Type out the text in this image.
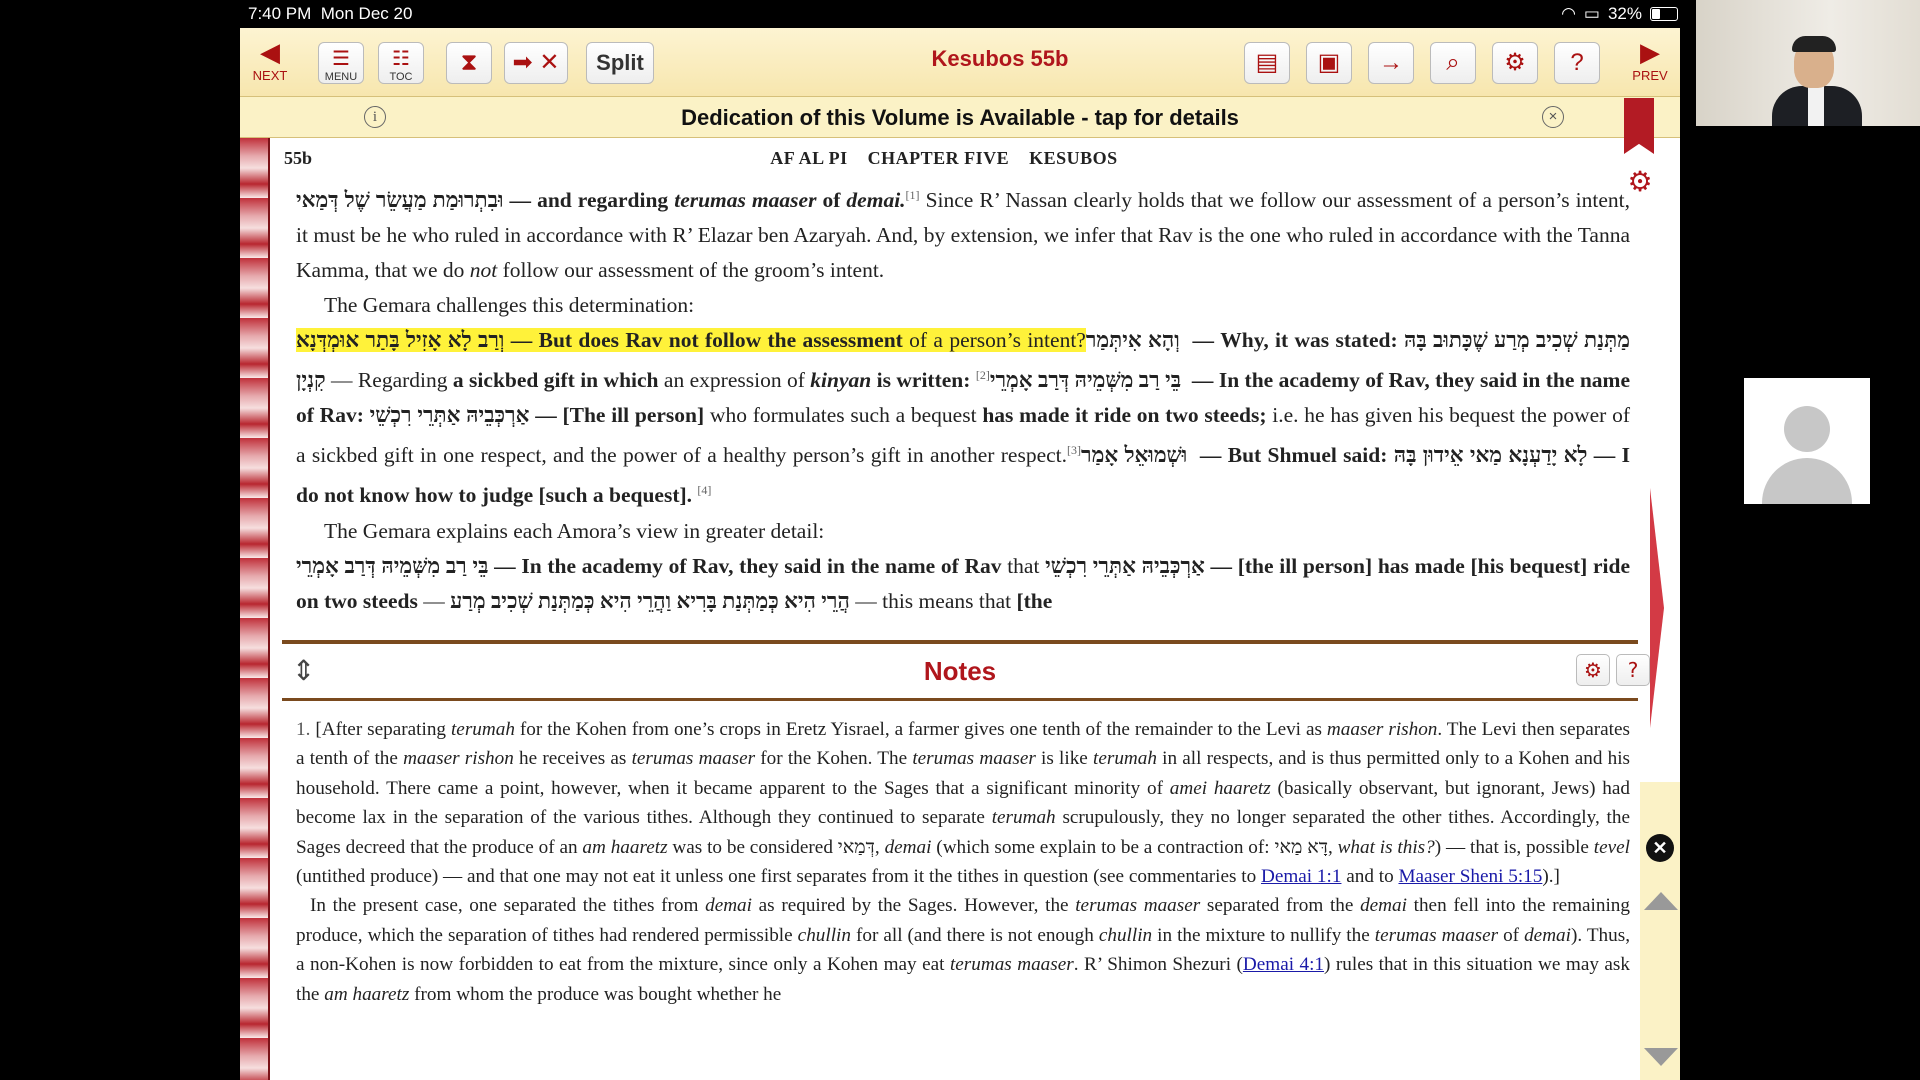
7:40 PM Mon Dec 20	◠ ▭ 32%
◀
NEXT
☰
MENU
☷
TOC
⧗	➡ ✕	Split	Kesubos 55b	▤	▣	→	⌕	⚙	?	▶
PREV
i	Dedication of this Volume is Available - tap for details	×
⚙
55b	AF AL PI CHAPTER FIVE KESUBOS

וּבִתְרוּמַת מַעֲשֵׂר שֶׁל דְּמַאי — and regarding terumas maaser of demai.[1] Since R’ Nassan clearly holds that we follow our assessment of a person’s intent, it must be he who ruled in accordance with R’ Elazar ben Azaryah. And, by extension, we infer that Rav is the one who ruled in accordance with the Tanna Kamma, that we do not follow our assessment of the groom’s intent.

The Gemara challenges this determination:

וְרַב לָא אָזִיל בָּתַר אוּמְדְּנָא — But does Rav not follow the assessment of a person’s intent? וְהָא אִיתְּמַר — Why, it was stated: מַתְּנַת שְׁכִיב מְרַע שֶׁכָּתוּב בָּהּ קִנְיָן — Regarding a sickbed gift in which an expression of kinyan is written: [2] בֵּי רַב מִשְּׁמֵיהּ דְּרַב אָמְרֵי — In the academy of Rav, they said in the name of Rav: אַרְכְּבֵיהּ אַתְּרֵי רִכְשֵׁי — [The ill person] who formulates such a bequest has made it ride on two steeds; i.e. he has given his bequest the power of a sickbed gift in one respect, and the power of a healthy person’s gift in another respect.[3] וּשְׁמוּאֵל אָמַר — But Shmuel said: לָא יָדַעְנָא מַאי אֵידוּן בָּהּ — I do not know how to judge [such a bequest]. [4]

The Gemara explains each Amora’s view in greater detail:

בֵּי רַב מִשְּׁמֵיהּ דְּרַב אָמְרֵי — In the academy of Rav, they said in the name of Rav that אַרְכְּבֵיהּ אַתְּרֵי רִכְשֵׁי — [the ill person] has made [his bequest] ride on two steeds — הֲרֵי הִיא כְּמַתְּנַת בָּרִיא וַהֲרֵי הִיא כְּמַתְּנַת שְׁכִיב מְרַע — this means that [the

⇕	Notes	⚙	?

1. [After separating terumah for the Kohen from one’s crops in Eretz Yisrael, a farmer gives one tenth of the remainder to the Levi as maaser rishon. The Levi then separates a tenth of the maaser rishon he receives as terumas maaser for the Kohen. The terumas maaser is like terumah in all respects, and is thus permitted only to a Kohen and his household. There came a point, however, when it became apparent to the Sages that a significant minority of amei haaretz (basically observant, but ignorant, Jews) had become lax in the separation of the various tithes. Although they continued to separate terumah scrupulously, they no longer separated the other tithes. Accordingly, the Sages decreed that the produce of an am haaretz was to be considered דְּמַאי, demai (which some explain to be a contraction of: דָּא מַאי, what is this?) — that is, possible tevel (untithed produce) — and that one may not eat it unless one first separates from it the tithes in question (see commentaries to Demai 1:1 and to Maaser Sheni 5:15).]

In the present case, one separated the tithes from demai as required by the Sages. However, the terumas maaser separated from the demai then fell into the remaining produce, which the separation of tithes had rendered permissible chullin for all (and there is not enough chullin in the mixture to nullify the terumas maaser of demai). Thus, a non-Kohen is now forbidden to eat from the mixture, since only a Kohen may eat terumas maaser. R’ Shimon Shezuri (Demai 4:1) rules that in this situation we may ask the am haaretz from whom the produce was bought whether he

✕
